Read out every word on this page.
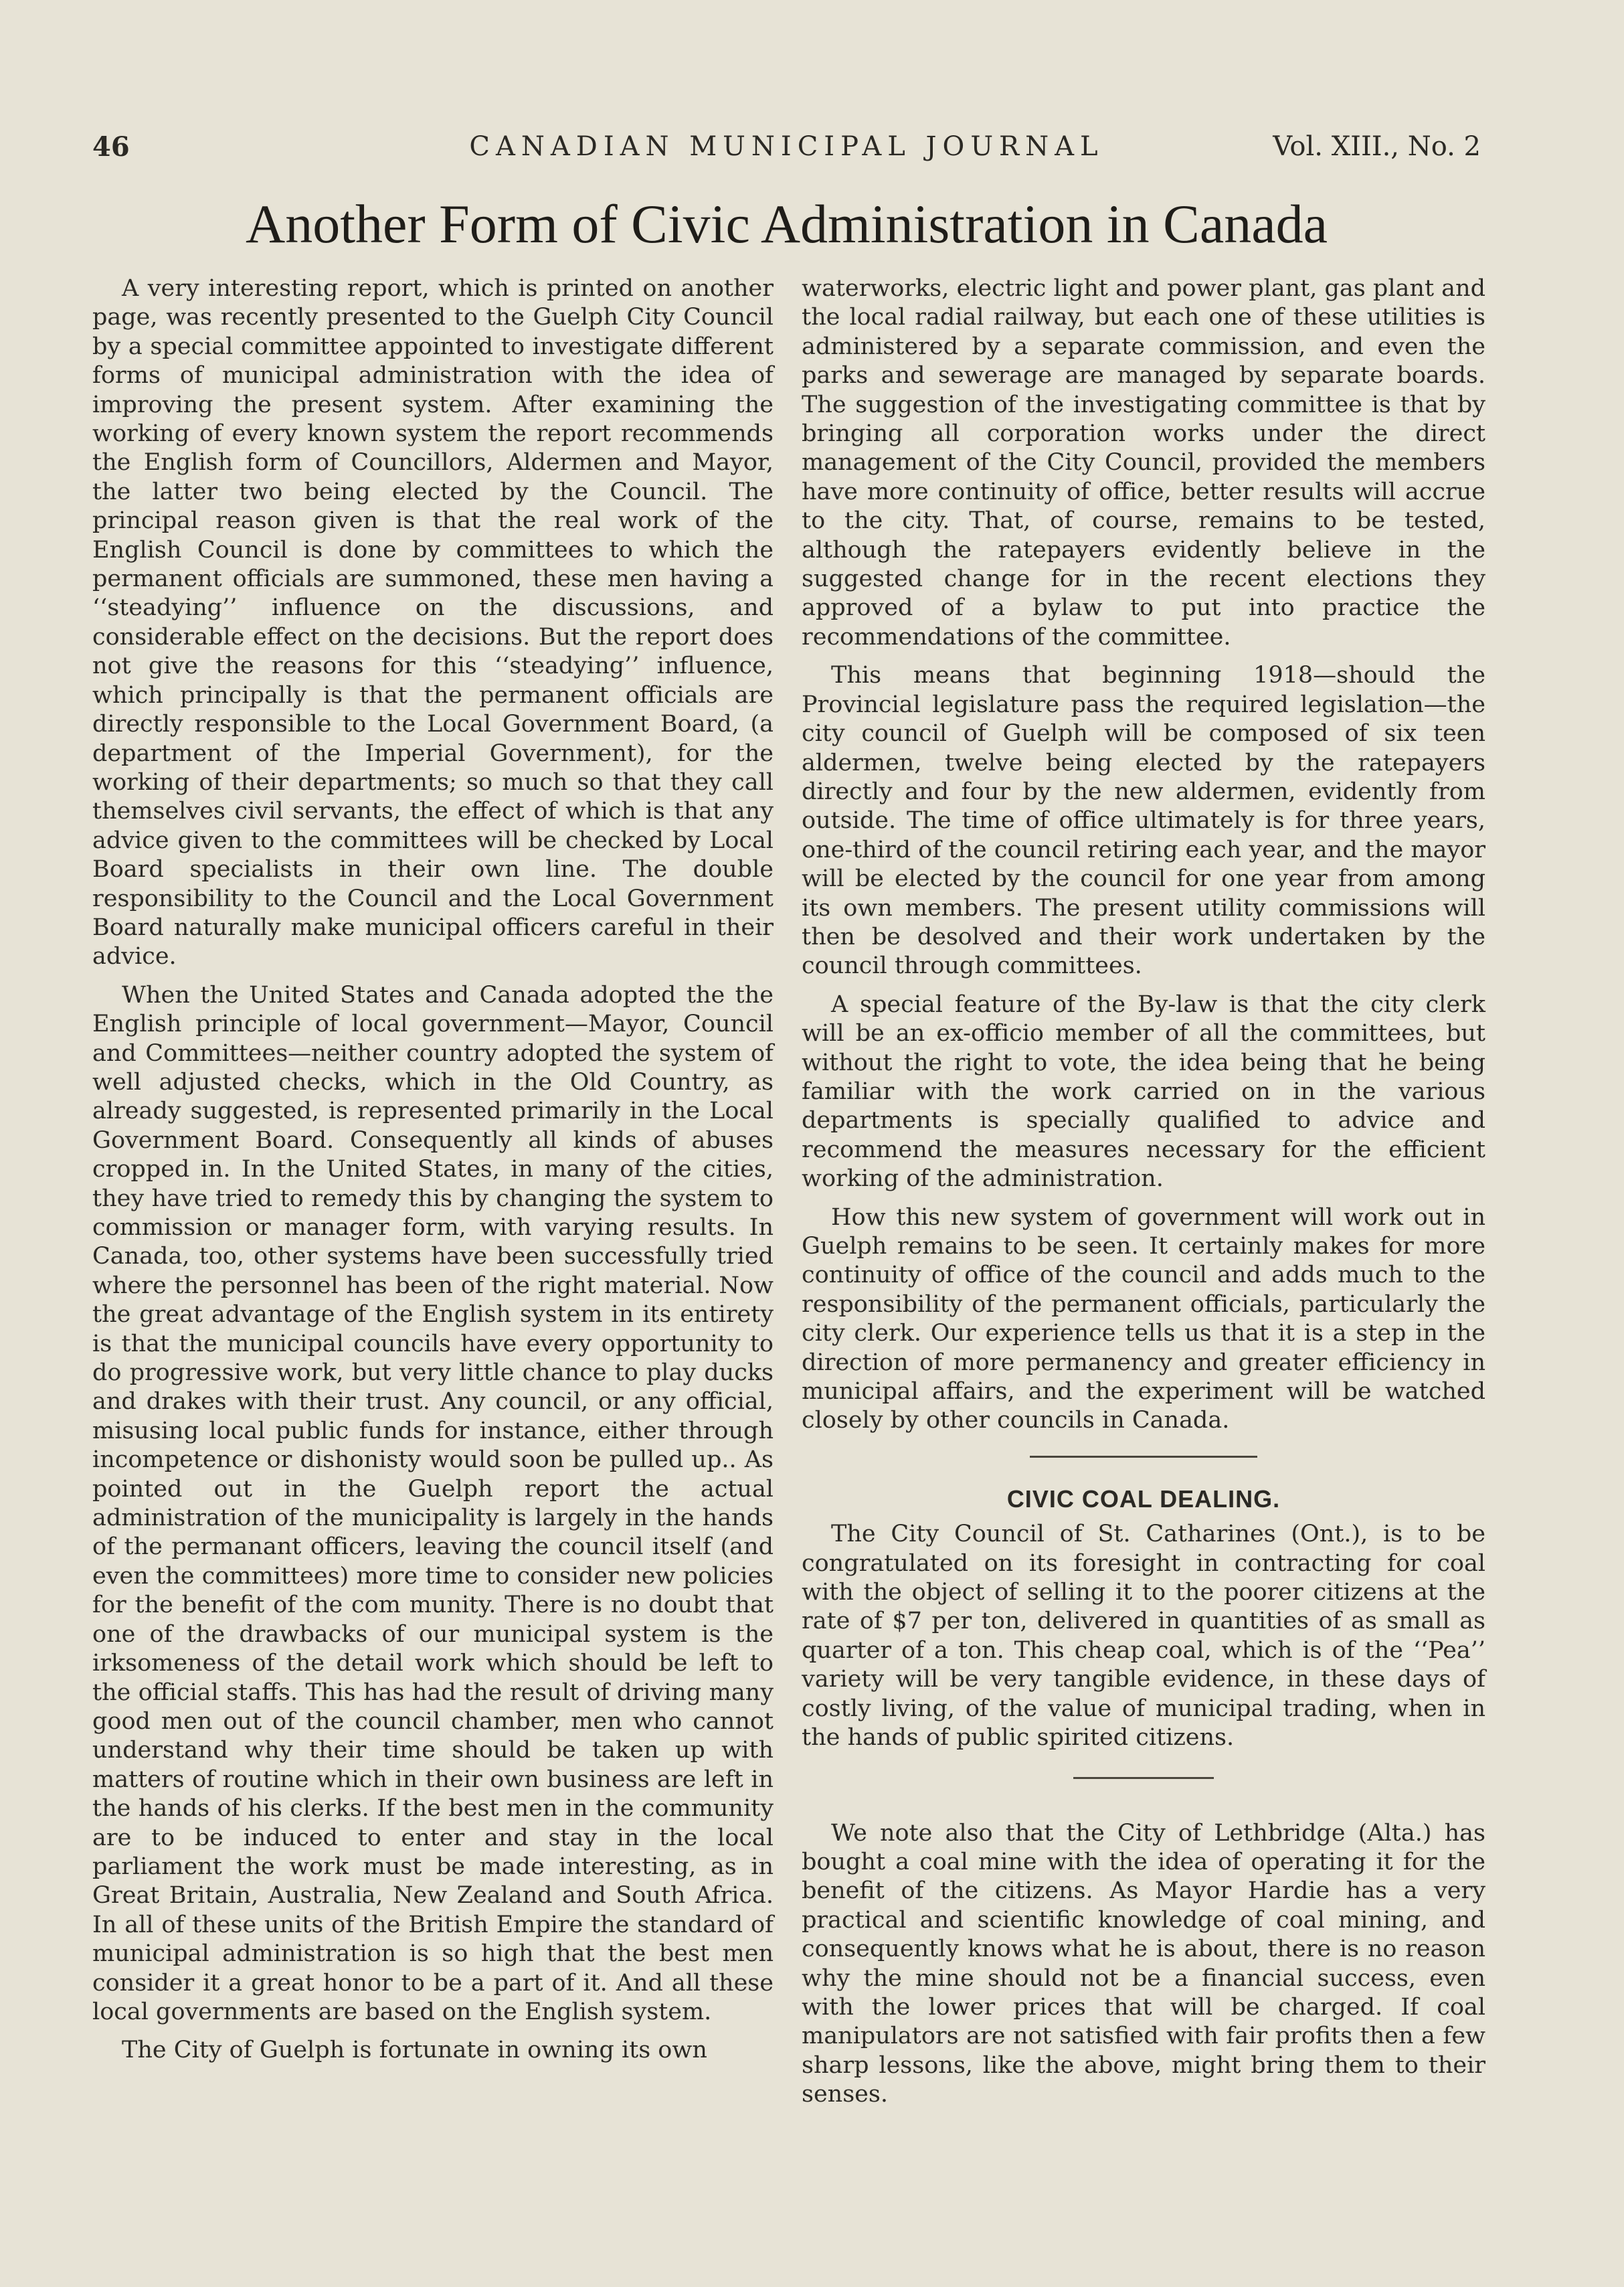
46	CANADIAN MUNICIPAL JOURNAL	Vol. XIII., No. 2
Another Form of Civic Administration in Canada

A very interesting report, which is printed on another page, was recently presented to the Guelph City Council by a special committee appointed to investigate different forms of municipal administration with the idea of improving the present system. After examining the working of every known system the report recommends the English form of Councillors, Aldermen and Mayor, the latter two being elected by the Council. The principal reason given is that the real work of the English Council is done by committees to which the permanent officials are summoned, these men having a ‘‘steadying’’ influence on the discussions, and considerable effect on the decisions. But the report does not give the reasons for this ‘‘steadying’’ influence, which principally is that the permanent officials are directly responsible to the Local Government Board, (a department of the Imperial Government), for the working of their departments; so much so that they call themselves civil servants, the effect of which is that any advice given to the committees will be checked by Local Board specialists in their own line. The double responsibility to the Council and the Local Government Board naturally make municipal officers careful in their advice.

When the United States and Canada adopted the the English principle of local government—Mayor, Council and Committees—neither country adopted the system of well adjusted checks, which in the Old Country, as already suggested, is represented primarily in the Local Government Board. Consequently all kinds of abuses cropped in. In the United States, in many of the cities, they have tried to remedy this by changing the system to commission or manager form, with varying results. In Canada, too, other systems have been successfully tried where the personnel has been of the right material. Now the great advantage of the English system in its entirety is that the municipal councils have every opportunity to do progressive work, but very little chance to play ducks and drakes with their trust. Any council, or any official, misusing local public funds for instance, either through incompetence or dishonisty would soon be pulled up.. As pointed out in the Guelph report the actual administration of the municipality is largely in the hands of the permanant officers, leaving the council itself (and even the committees) more time to consider new policies for the benefit of the com munity. There is no doubt that one of the drawbacks of our municipal system is the irksomeness of the detail work which should be left to the official staffs. This has had the result of driving many good men out of the council chamber, men who cannot understand why their time should be taken up with matters of routine which in their own business are left in the hands of his clerks. If the best men in the community are to be induced to enter and stay in the local parliament the work must be made interesting, as in Great Britain, Australia, New Zealand and South Africa. In all of these units of the British Empire the standard of municipal administration is so high that the best men consider it a great honor to be a part of it. And all these local governments are based on the English system.

The City of Guelph is fortunate in owning its own

waterworks, electric light and power plant, gas plant and the local radial railway, but each one of these utilities is administered by a separate commission, and even the parks and sewerage are managed by separate boards. The suggestion of the investigating committee is that by bringing all corporation works under the direct management of the City Council, provided the members have more continuity of office, better results will accrue to the city. That, of course, remains to be tested, although the ratepayers evidently believe in the suggested change for in the recent elections they approved of a bylaw to put into practice the recommendations of the committee.

This means that beginning 1918—should the Provincial legislature pass the required legislation—the city council of Guelph will be composed of six teen aldermen, twelve being elected by the ratepayers directly and four by the new aldermen, evidently from outside. The time of office ultimately is for three years, one-third of the council retiring each year, and the mayor will be elected by the council for one year from among its own members. The present utility commissions will then be desolved and their work undertaken by the council through committees.

A special feature of the By-law is that the city clerk will be an ex-officio member of all the committees, but without the right to vote, the idea being that he being familiar with the work carried on in the various departments is specially qualified to advice and recommend the measures necessary for the efficient working of the administration.

How this new system of government will work out in Guelph remains to be seen. It certainly makes for more continuity of office of the council and adds much to the responsibility of the permanent officials, particularly the city clerk. Our experience tells us that it is a step in the direction of more permanency and greater efficiency in municipal affairs, and the experiment will be watched closely by other councils in Canada.

CIVIC COAL DEALING.

The City Council of St. Catharines (Ont.), is to be congratulated on its foresight in contracting for coal with the object of selling it to the poorer citizens at the rate of $7 per ton, delivered in quantities of as small as quarter of a ton. This cheap coal, which is of the ‘‘Pea’’ variety will be very tangible evidence, in these days of costly living, of the value of municipal trading, when in the hands of public spirited citizens.

We note also that the City of Lethbridge (Alta.) has bought a coal mine with the idea of operating it for the benefit of the citizens. As Mayor Hardie has a very practical and scientific knowledge of coal mining, and consequently knows what he is about, there is no reason why the mine should not be a financial success, even with the lower prices that will be charged. If coal manipulators are not satisfied with fair profits then a few sharp lessons, like the above, might bring them to their senses.
